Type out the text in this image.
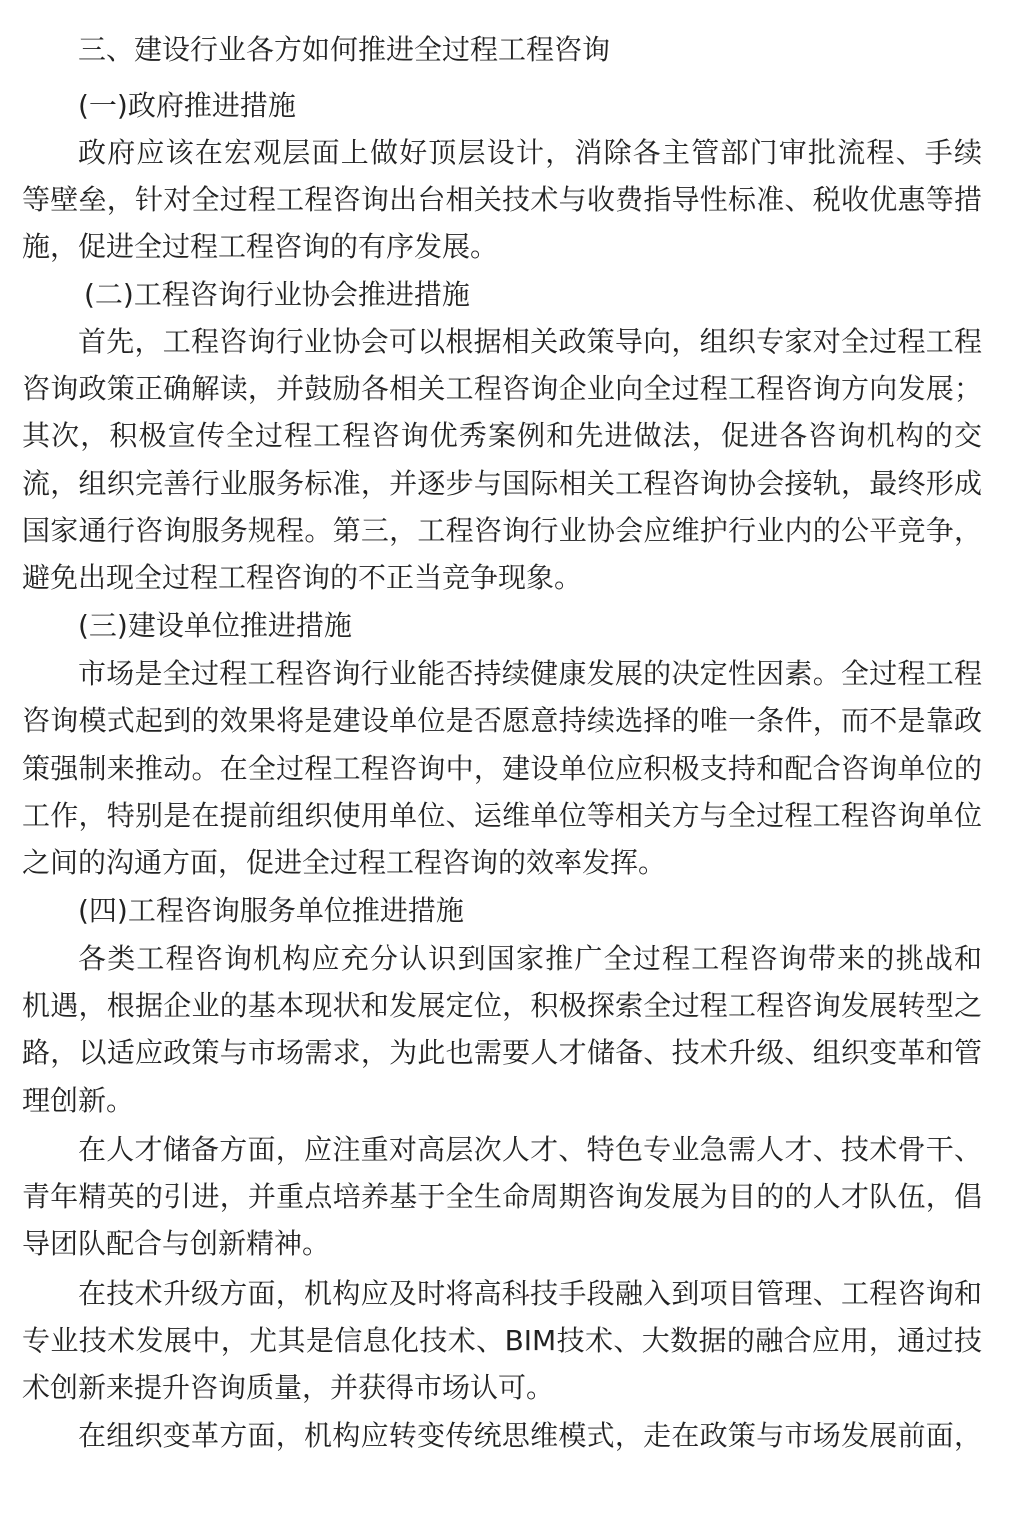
三、建设行业各方如何推进全过程工程咨询
(一)政府推进措施
政府应该在宏观层面上做好顶层设计，消除各主管部门审批流程、手续
等壁垒，针对全过程工程咨询出台相关技术与收费指导性标准、税收优惠等措
施，促进全过程工程咨询的有序发展。
(二)工程咨询行业协会推进措施
首先，工程咨询行业协会可以根据相关政策导向，组织专家对全过程工程
咨询政策正确解读，并鼓励各相关工程咨询企业向全过程工程咨询方向发展；
其次，积极宣传全过程工程咨询优秀案例和先进做法，促进各咨询机构的交
流，组织完善行业服务标准，并逐步与国际相关工程咨询协会接轨，最终形成
国家通行咨询服务规程。第三，工程咨询行业协会应维护行业内的公平竞争，
避免出现全过程工程咨询的不正当竞争现象。
(三)建设单位推进措施
市场是全过程工程咨询行业能否持续健康发展的决定性因素。全过程工程
咨询模式起到的效果将是建设单位是否愿意持续选择的唯一条件，而不是靠政
策强制来推动。在全过程工程咨询中，建设单位应积极支持和配合咨询单位的
工作，特别是在提前组织使用单位、运维单位等相关方与全过程工程咨询单位
之间的沟通方面，促进全过程工程咨询的效率发挥。
(四)工程咨询服务单位推进措施
各类工程咨询机构应充分认识到国家推广全过程工程咨询带来的挑战和
机遇，根据企业的基本现状和发展定位，积极探索全过程工程咨询发展转型之
路，以适应政策与市场需求，为此也需要人才储备、技术升级、组织变革和管
理创新。
在人才储备方面，应注重对高层次人才、特色专业急需人才、技术骨干、
青年精英的引进，并重点培养基于全生命周期咨询发展为目的的人才队伍，倡
导团队配合与创新精神。
在技术升级方面，机构应及时将高科技手段融入到项目管理、工程咨询和
专业技术发展中，尤其是信息化技术、BIM技术、大数据的融合应用，通过技
术创新来提升咨询质量，并获得市场认可。
在组织变革方面，机构应转变传统思维模式，走在政策与市场发展前面，
